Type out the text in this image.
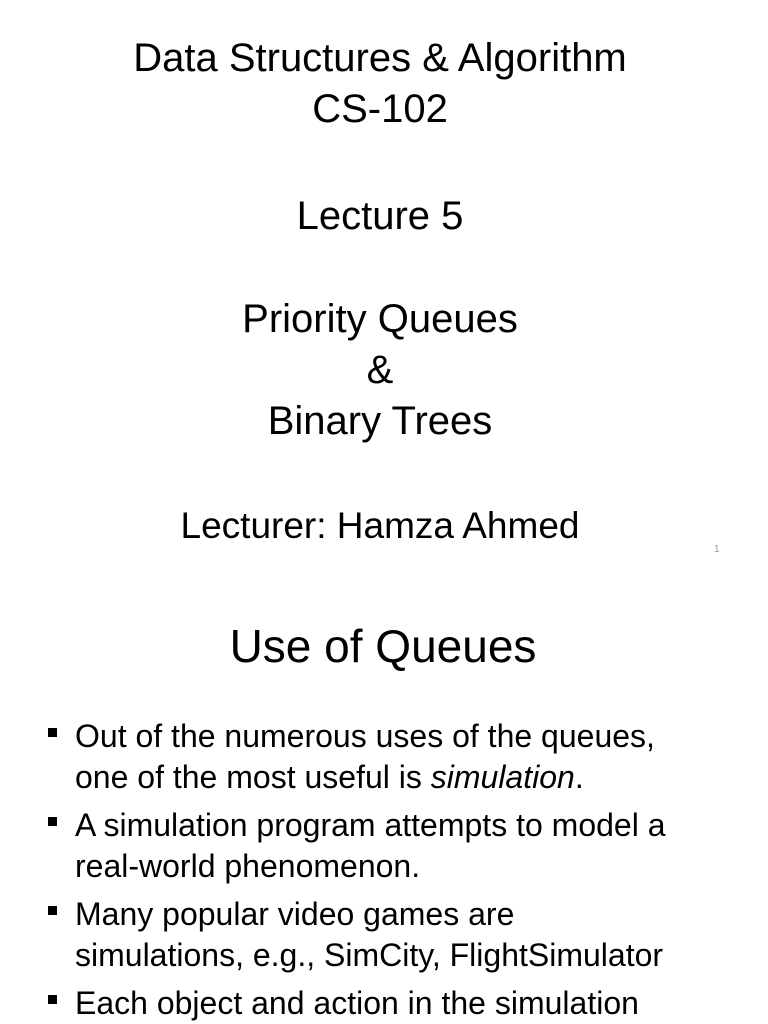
Data Structures & Algorithm
CS-102
Lecture 5
Priority Queues
&
Binary Trees
Lecturer: Hamza Ahmed
1
Use of Queues
Out of the numerous uses of the queues,
one of the most useful is simulation.
A simulation program attempts to model a
real-world phenomenon.
Many popular video games are
simulations, e.g., SimCity, FlightSimulator
Each object and action in the simulation
